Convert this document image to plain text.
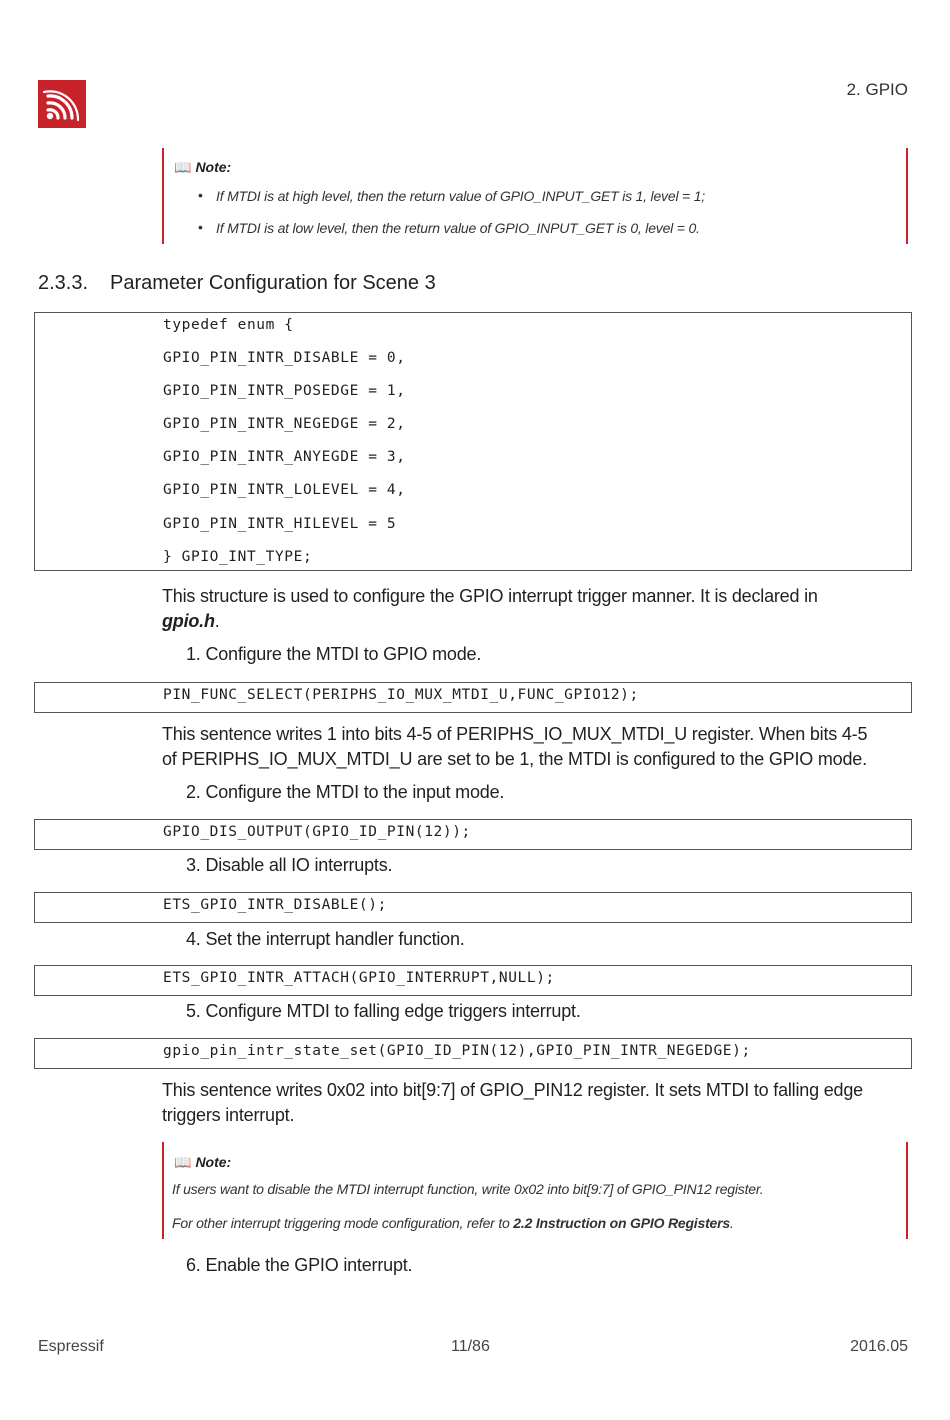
2. GPIO
📖 Note:
• If MTDI is at high level, then the return value of GPIO_INPUT_GET is 1, level = 1;
• If MTDI is at low level, then the return value of GPIO_INPUT_GET is 0, level = 0.
2.3.3. Parameter Configuration for Scene 3
typedef enum {
GPIO_PIN_INTR_DISABLE = 0,
GPIO_PIN_INTR_POSEDGE = 1,
GPIO_PIN_INTR_NEGEDGE = 2,
GPIO_PIN_INTR_ANYEGDE = 3,
GPIO_PIN_INTR_LOLEVEL = 4,
GPIO_PIN_INTR_HILEVEL = 5
} GPIO_INT_TYPE;
This structure is used to configure the GPIO interrupt trigger manner. It is declared in
gpio.h.
1. Configure the MTDI to GPIO mode.
PIN_FUNC_SELECT(PERIPHS_IO_MUX_MTDI_U,FUNC_GPIO12);
This sentence writes 1 into bits 4-5 of PERIPHS_IO_MUX_MTDI_U register. When bits 4-5
of PERIPHS_IO_MUX_MTDI_U are set to be 1, the MTDI is configured to the GPIO mode.
2. Configure the MTDI to the input mode.
GPIO_DIS_OUTPUT(GPIO_ID_PIN(12));
3. Disable all IO interrupts.
ETS_GPIO_INTR_DISABLE();
4. Set the interrupt handler function.
ETS_GPIO_INTR_ATTACH(GPIO_INTERRUPT,NULL);
5. Configure MTDI to falling edge triggers interrupt.
gpio_pin_intr_state_set(GPIO_ID_PIN(12),GPIO_PIN_INTR_NEGEDGE);
This sentence writes 0x02 into bit[9:7] of GPIO_PIN12 register. It sets MTDI to falling edge
triggers interrupt.
📖 Note:
If users want to disable the MTDI interrupt function, write 0x02 into bit[9:7] of GPIO_PIN12 register.
For other interrupt triggering mode configuration, refer to 2.2 Instruction on GPIO Registers.
6. Enable the GPIO interrupt.
Espressif	11/86	2016.05
